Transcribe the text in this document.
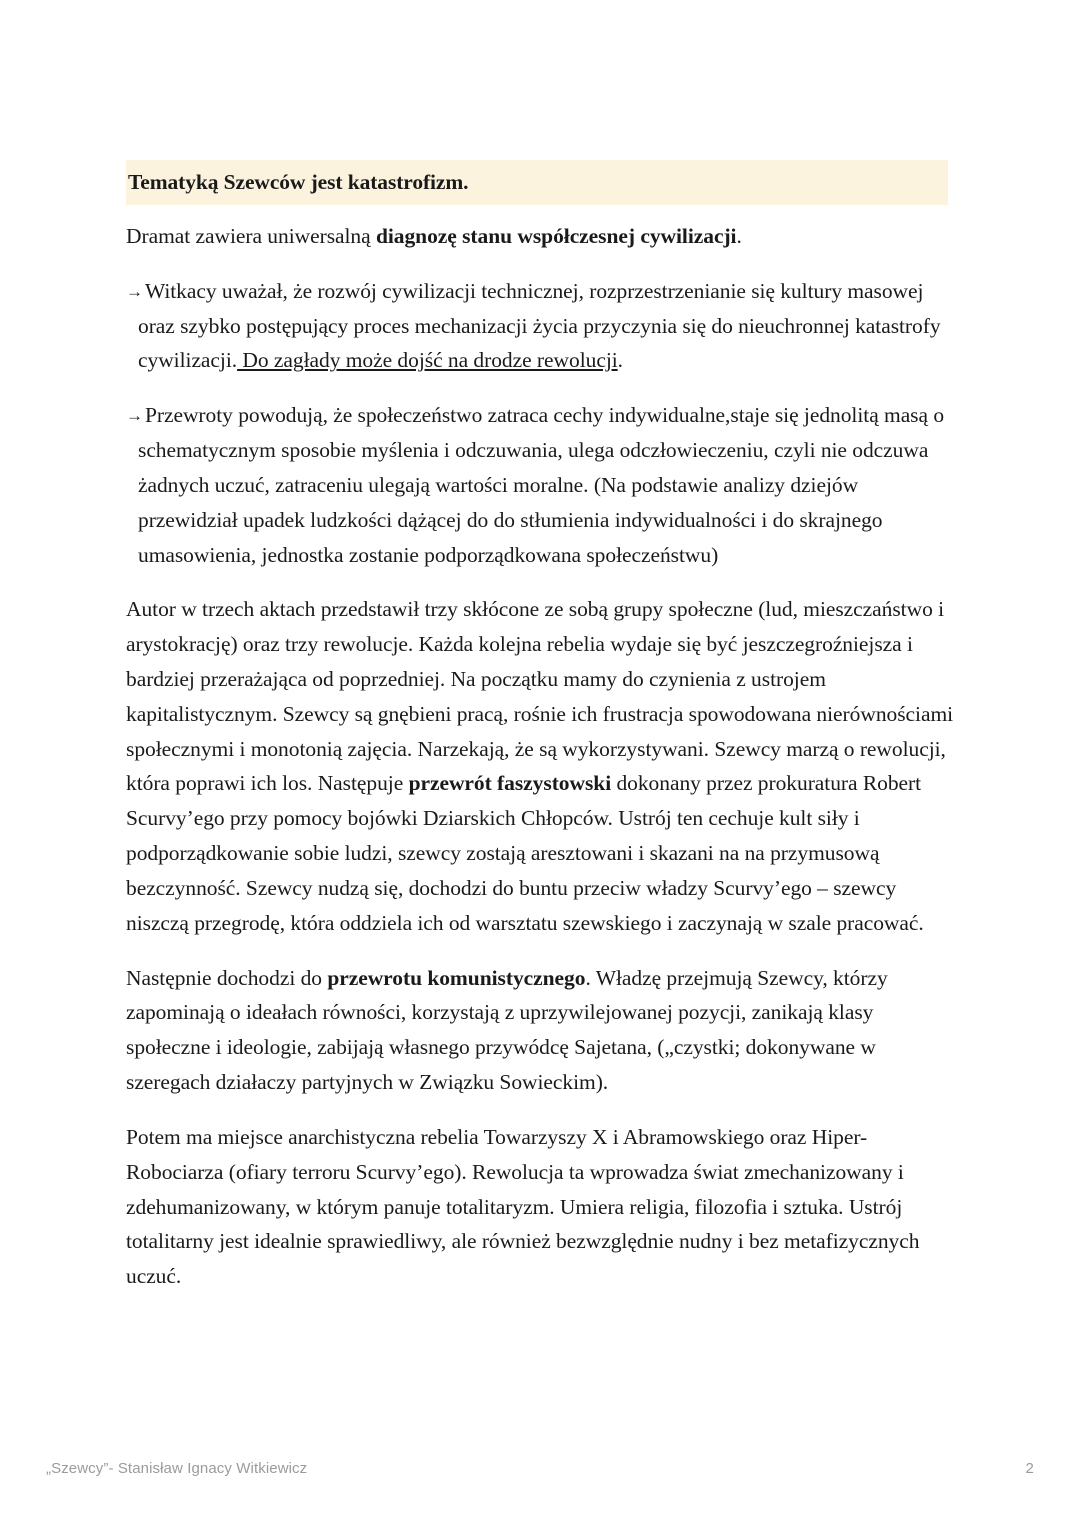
Tematyką Szewców jest katastrofizm.

Dramat zawiera uniwersalną diagnozę stanu współczesnej cywilizacji.

→Witkacy uważał, że rozwój cywilizacji technicznej, rozprzestrzenianie się kultury masowej oraz szybko postępujący proces mechanizacji życia przyczynia się do nieuchronnej katastrofy cywilizacji. Do zagłady może dojść na drodze rewolucji.

→Przewroty powodują, że społeczeństwo zatraca cechy indywidualne,staje się jednolitą masą o schematycznym sposobie myślenia i odczuwania, ulega odczłowieczeniu, czyli nie odczuwa żadnych uczuć, zatraceniu ulegają wartości moralne. (Na podstawie analizy dziejów przewidział upadek ludzkości dążącej do do stłumienia indywidualności i do skrajnego umasowienia, jednostka zostanie podporządkowana społeczeństwu)

Autor w trzech aktach przedstawił trzy skłócone ze sobą grupy społeczne (lud, mieszczaństwo i arystokrację) oraz trzy rewolucje. Każda kolejna rebelia wydaje się być jeszczegroźniejsza i bardziej przerażająca od poprzedniej. Na początku mamy do czynienia z ustrojem kapitalistycznym. Szewcy są gnębieni pracą, rośnie ich frustracja spowodowana nierównościami społecznymi i monotonią zajęcia. Narzekają, że są wykorzystywani. Szewcy marzą o rewolucji, która poprawi ich los. Następuje przewrót faszystowski dokonany przez prokuratura Robert Scurvy’ego przy pomocy bojówki Dziarskich Chłopców. Ustrój ten cechuje kult siły i podporządkowanie sobie ludzi, szewcy zostają aresztowani i skazani na na przymusową bezczynność. Szewcy nudzą się, dochodzi do buntu przeciw władzy Scurvy’ego – szewcy niszczą przegrodę, która oddziela ich od warsztatu szewskiego i zaczynają w szale pracować.

Następnie dochodzi do przewrotu komunistycznego. Władzę przejmują Szewcy, którzy zapominają o ideałach równości, korzystają z uprzywilejowanej pozycji, zanikają klasy społeczne i ideologie, zabijają własnego przywódcę Sajetana, („czystki; dokonywane w szeregach działaczy partyjnych w Związku Sowieckim).

Potem ma miejsce anarchistyczna rebelia Towarzyszy X i Abramowskiego oraz Hiper-Robociarza (ofiary terroru Scurvy’ego). Rewolucja ta wprowadza świat zmechanizowany i zdehumanizowany, w którym panuje totalitaryzm. Umiera religia, filozofia i sztuka. Ustrój totalitarny jest idealnie sprawiedliwy, ale również bezwzględnie nudny i bez metafizycznych uczuć.

„Szewcy”- Stanisław Ignacy Witkiewicz	2
